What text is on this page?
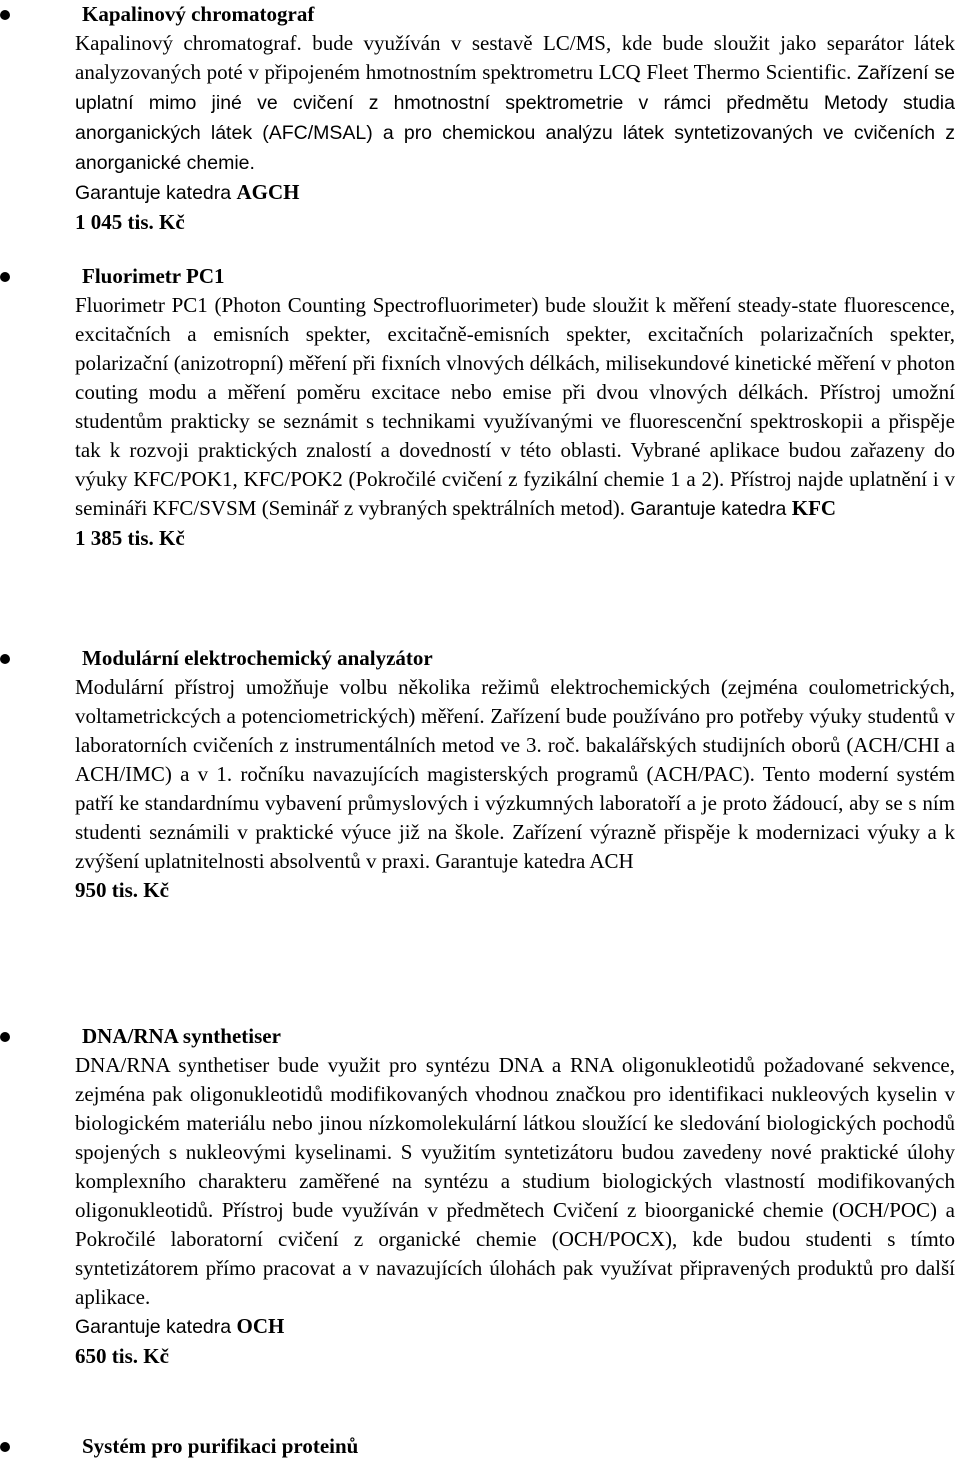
Kapalinový chromatograf
Kapalinový chromatograf. bude využíván v sestavě LC/MS, kde bude sloužit jako separátor látek analyzovaných poté v připojeném hmotnostním spektrometru LCQ Fleet Thermo Scientific. Zařízení se uplatní mimo jiné ve cvičení z hmotnostní spektrometrie v rámci předmětu Metody studia anorganických látek (AFC/MSAL) a pro chemickou analýzu látek syntetizovaných ve cvičeních z anorganické chemie.
Garantuje katedra AGCH
1 045 tis. Kč
Fluorimetr PC1
Fluorimetr PC1 (Photon Counting Spectrofluorimeter) bude sloužit k měření steady-state fluorescence, excitačních a emisních spekter, excitačně-emisních spekter, excitačních polarizačních spekter, polarizační (anizotropní) měření při fixních vlnových délkách, milisekundové kinetické měření v photon couting modu a měření poměru excitace nebo emise při dvou vlnových délkách. Přístroj umožní studentům prakticky se seznámit s technikami využívanými ve fluorescenční spektroskopii a přispěje tak k rozvoji praktických znalostí a dovedností v této oblasti. Vybrané aplikace budou zařazeny do výuky KFC/POK1, KFC/POK2 (Pokročilé cvičení z fyzikální chemie 1 a 2). Přístroj najde uplatnění i v semináři KFC/SVSM (Seminář z vybraných spektrálních metod). Garantuje katedra KFC
1 385 tis. Kč
Modulární elektrochemický analyzátor
Modulární přístroj umožňuje volbu několika režimů elektrochemických (zejména coulometrických, voltametrickcých a potenciometrických) měření. Zařízení bude používáno pro potřeby výuky studentů v laboratorních cvičeních z instrumentálních metod ve 3. roč. bakalářských studijních oborů (ACH/CHI a ACH/IMC) a v 1. ročníku navazujících magisterských programů (ACH/PAC). Tento moderní systém patří ke standardnímu vybavení průmyslových i výzkumných laboratoří a je proto žádoucí, aby se s ním studenti seznámili v praktické výuce již na škole. Zařízení výrazně přispěje k modernizaci výuky a k zvýšení uplatnitelnosti absolventů v praxi. Garantuje katedra ACH
950 tis. Kč
DNA/RNA synthetiser
DNA/RNA synthetiser bude využit pro syntézu DNA a RNA oligonukleotidů požadované sekvence, zejména pak oligonukleotidů modifikovaných vhodnou značkou pro identifikaci nukleových kyselin v biologickém materiálu nebo jinou nízkomolekulární látkou sloužící ke sledování biologických pochodů spojených s nukleovými kyselinami. S využitím syntetizátoru budou zavedeny nové praktické úlohy komplexního charakteru zaměřené na syntézu a studium biologických vlastností modifikovaných oligonukleotidů. Přístroj bude využíván v předmětech Cvičení z bioorganické chemie (OCH/POC) a Pokročilé laboratorní cvičení z organické chemie (OCH/POCX), kde budou studenti s tímto syntetizátorem přímo pracovat a v navazujících úlohách pak využívat připravených produktů pro další aplikace.
Garantuje katedra OCH
650 tis. Kč
Systém pro purifikaci proteinů
